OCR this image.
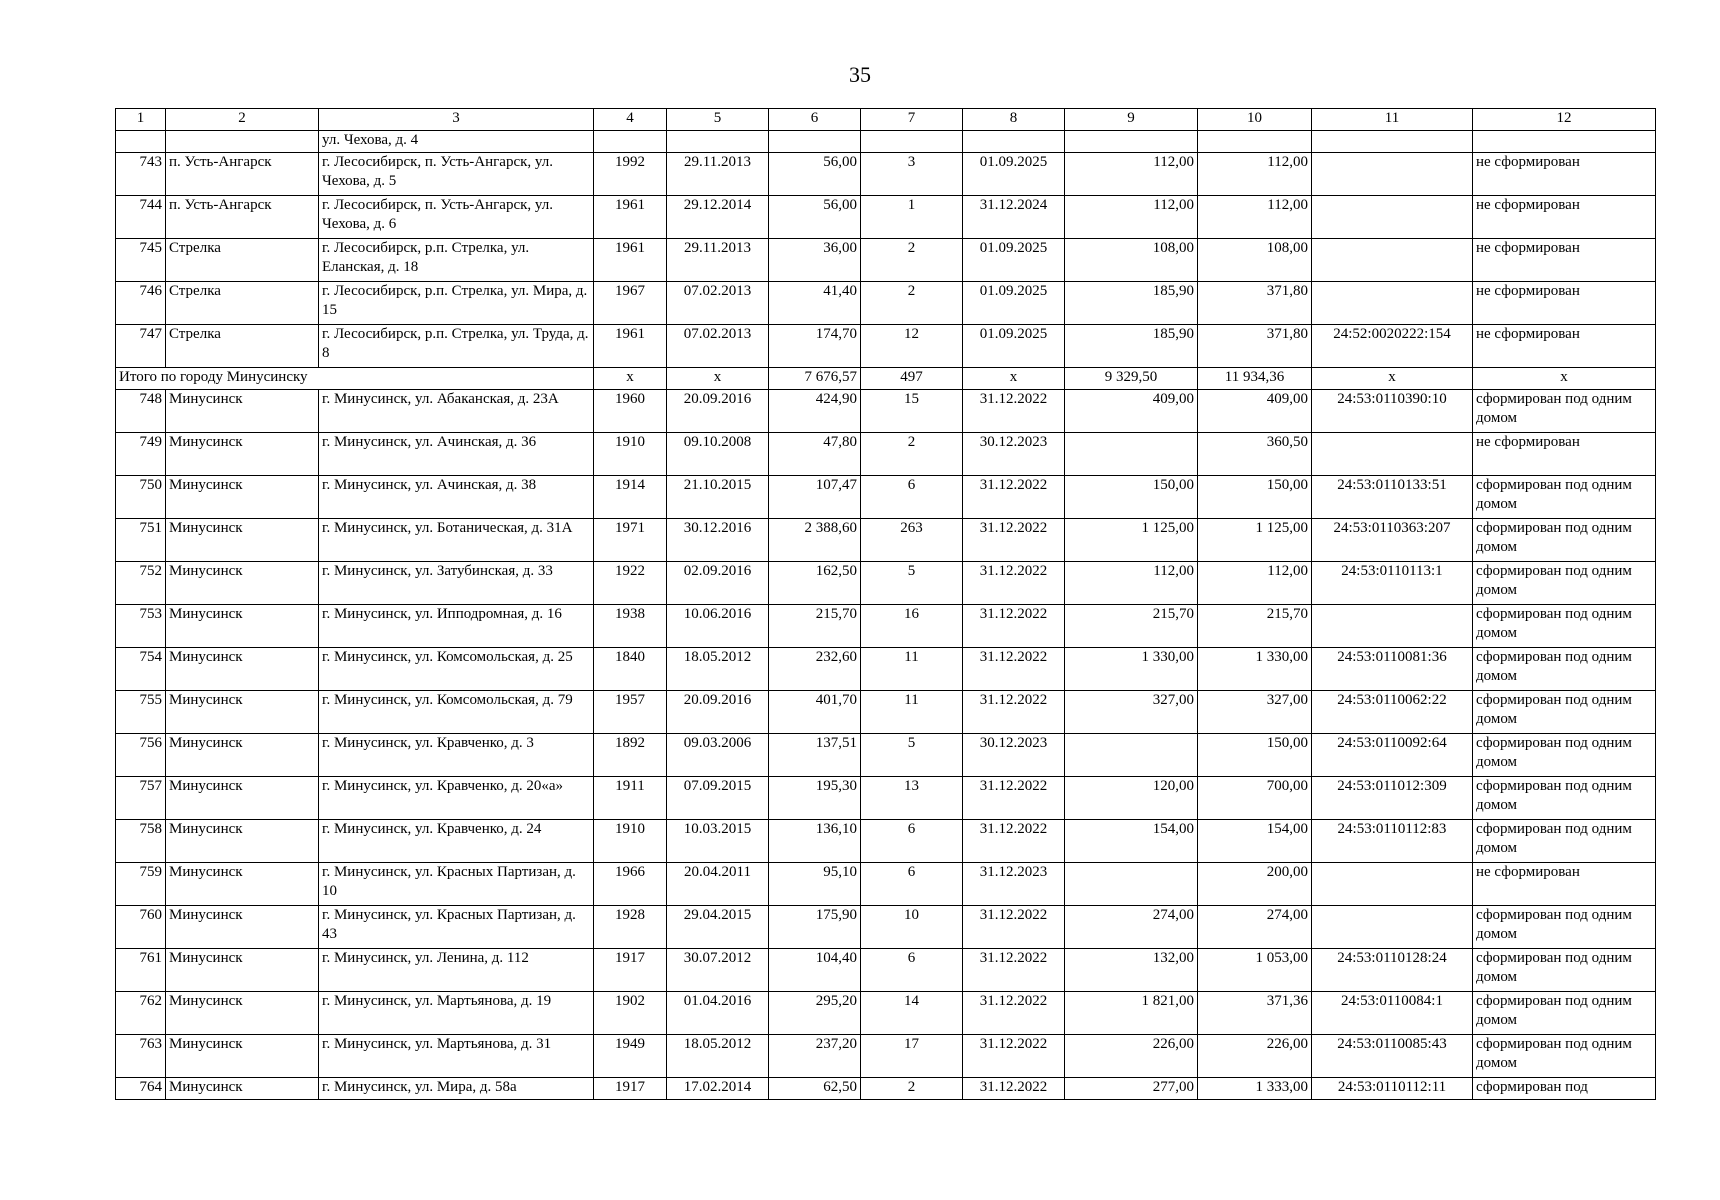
35
1	2	3	4	5	6	7	8	9	10	11	12
		ул. Чехова, д. 4									
743	п. Усть-Ангарск	г. Лесосибирск, п. Усть-Ангарск, ул. Чехова, д. 5	1992	29.11.2013	56,00	3	01.09.2025	112,00	112,00		не сформирован
744	п. Усть-Ангарск	г. Лесосибирск, п. Усть-Ангарск, ул. Чехова, д. 6	1961	29.12.2014	56,00	1	31.12.2024	112,00	112,00		не сформирован
745	Стрелка	г. Лесосибирск, р.п. Стрелка, ул. Еланская, д. 18	1961	29.11.2013	36,00	2	01.09.2025	108,00	108,00		не сформирован
746	Стрелка	г. Лесосибирск, р.п. Стрелка, ул. Мира, д. 15	1967	07.02.2013	41,40	2	01.09.2025	185,90	371,80		не сформирован
747	Стрелка	г. Лесосибирск, р.п. Стрелка, ул. Труда, д. 8	1961	07.02.2013	174,70	12	01.09.2025	185,90	371,80	24:52:0020222:154	не сформирован
Итого по городу Минусинску			x	x	7 676,57	497	x	9 329,50	11 934,36	x	x
748	Минусинск	г. Минусинск, ул. Абаканская, д. 23А	1960	20.09.2016	424,90	15	31.12.2022	409,00	409,00	24:53:0110390:10	сформирован под одним домом
749	Минусинск	г. Минусинск, ул. Ачинская, д. 36	1910	09.10.2008	47,80	2	30.12.2023		360,50		не сформирован
750	Минусинск	г. Минусинск, ул. Ачинская, д. 38	1914	21.10.2015	107,47	6	31.12.2022	150,00	150,00	24:53:0110133:51	сформирован под одним домом
751	Минусинск	г. Минусинск, ул. Ботаническая, д. 31А	1971	30.12.2016	2 388,60	263	31.12.2022	1 125,00	1 125,00	24:53:0110363:207	сформирован под одним домом
752	Минусинск	г. Минусинск, ул. Затубинская, д. 33	1922	02.09.2016	162,50	5	31.12.2022	112,00	112,00	24:53:0110113:1	сформирован под одним домом
753	Минусинск	г. Минусинск, ул. Ипподромная, д. 16	1938	10.06.2016	215,70	16	31.12.2022	215,70	215,70		сформирован под одним домом
754	Минусинск	г. Минусинск, ул. Комсомольская, д. 25	1840	18.05.2012	232,60	11	31.12.2022	1 330,00	1 330,00	24:53:0110081:36	сформирован под одним домом
755	Минусинск	г. Минусинск, ул. Комсомольская, д. 79	1957	20.09.2016	401,70	11	31.12.2022	327,00	327,00	24:53:0110062:22	сформирован под одним домом
756	Минусинск	г. Минусинск, ул. Кравченко, д. 3	1892	09.03.2006	137,51	5	30.12.2023		150,00	24:53:0110092:64	сформирован под одним домом
757	Минусинск	г. Минусинск, ул. Кравченко, д. 20«а»	1911	07.09.2015	195,30	13	31.12.2022	120,00	700,00	24:53:011012:309	сформирован под одним домом
758	Минусинск	г. Минусинск, ул. Кравченко, д. 24	1910	10.03.2015	136,10	6	31.12.2022	154,00	154,00	24:53:0110112:83	сформирован под одним домом
759	Минусинск	г. Минусинск, ул. Красных Партизан, д. 10	1966	20.04.2011	95,10	6	31.12.2023		200,00		не сформирован
760	Минусинск	г. Минусинск, ул. Красных Партизан, д. 43	1928	29.04.2015	175,90	10	31.12.2022	274,00	274,00		сформирован под одним домом
761	Минусинск	г. Минусинск, ул. Ленина, д. 112	1917	30.07.2012	104,40	6	31.12.2022	132,00	1 053,00	24:53:0110128:24	сформирован под одним домом
762	Минусинск	г. Минусинск, ул. Мартьянова, д. 19	1902	01.04.2016	295,20	14	31.12.2022	1 821,00	371,36	24:53:0110084:1	сформирован под одним домом
763	Минусинск	г. Минусинск, ул. Мартьянова, д. 31	1949	18.05.2012	237,20	17	31.12.2022	226,00	226,00	24:53:0110085:43	сформирован под одним домом
764	Минусинск	г. Минусинск, ул. Мира, д. 58а	1917	17.02.2014	62,50	2	31.12.2022	277,00	1 333,00	24:53:0110112:11	сформирован под
